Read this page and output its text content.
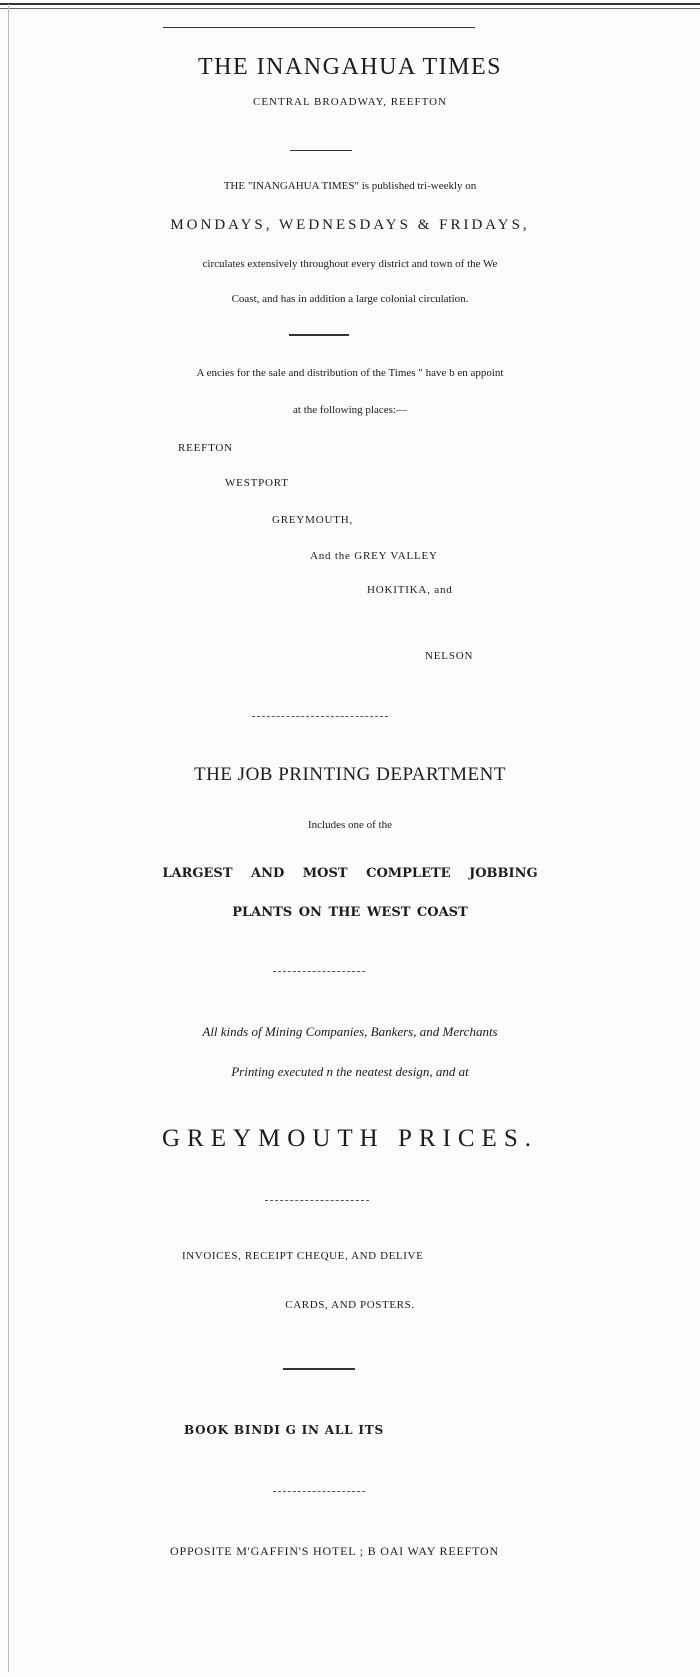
THE INANGAHUA TIMES
CENTRAL BROADWAY, REEFTON
THE "INANGAHUA TIMES" is published tri-weekly on
MONDAYS, WEDNESDAYS & FRIDAYS,
circulates extensively throughout every district and town of the We
Coast, and has in addition a large colonial circulation.
A encies for the sale and distribution of the Times " have b en appoint
at the following places:—
REEFTON
WESTPORT
GREYMOUTH,
And the GREY VALLEY
HOKITIKA, and
NELSON
THE JOB PRINTING DEPARTMENT
Includes one of the
LARGEST AND MOST COMPLETE JOBBING
PLANTS ON THE WEST COAST
All kinds of Mining Companies, Bankers, and Merchants
Printing executed n the neatest design, and at
GREYMOUTH PRICES.
INVOICES, RECEIPT CHEQUE, AND DELIVE
CARDS, AND POSTERS.
BOOK BINDI G IN ALL ITS
OPPOSITE M'GAFFIN'S HOTEL ; B OAI WAY REEFTON
